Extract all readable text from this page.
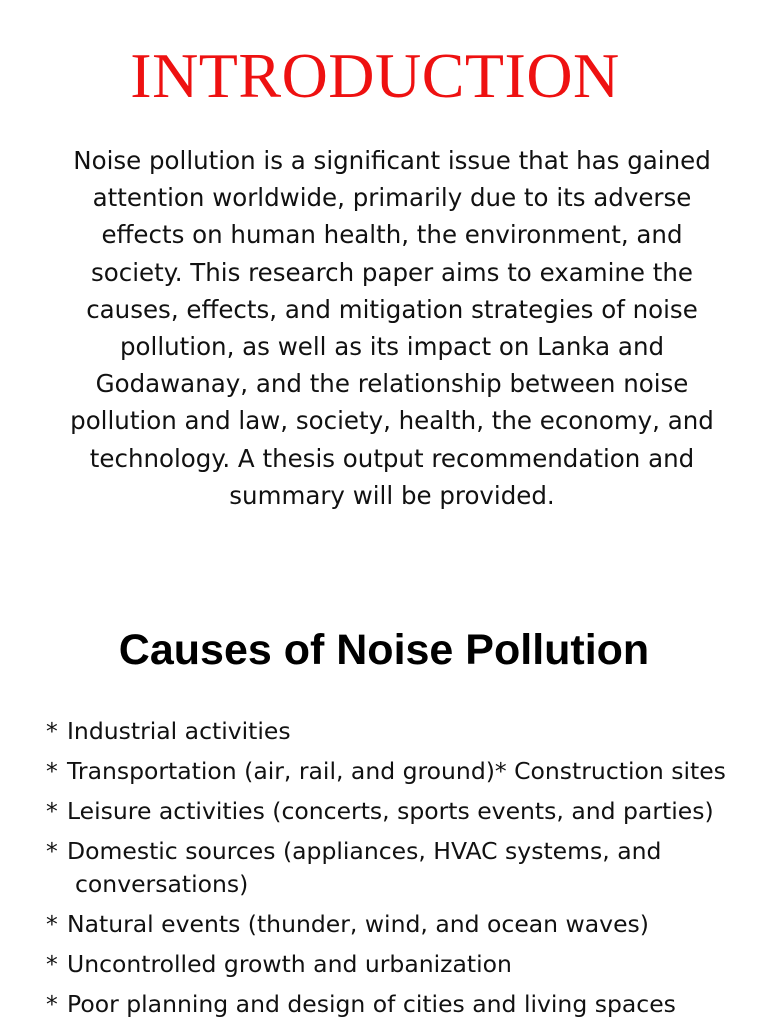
INTRODUCTION

Noise pollution is a significant issue that has gained attention worldwide, primarily due to its adverse effects on human health, the environment, and society. This research paper aims to examine the causes, effects, and mitigation strategies of noise pollution, as well as its impact on Lanka and Godawanay, and the relationship between noise pollution and law, society, health, the economy, and technology. A thesis output recommendation and summary will be provided.

Causes of Noise Pollution
* Industrial activities
* Transportation (air, rail, and ground)* Construction sites
* Leisure activities (concerts, sports events, and parties)
* Domestic sources (appliances, HVAC systems, and
conversations)
* Natural events (thunder, wind, and ocean waves)
* Uncontrolled growth and urbanization
* Poor planning and design of cities and living spaces
